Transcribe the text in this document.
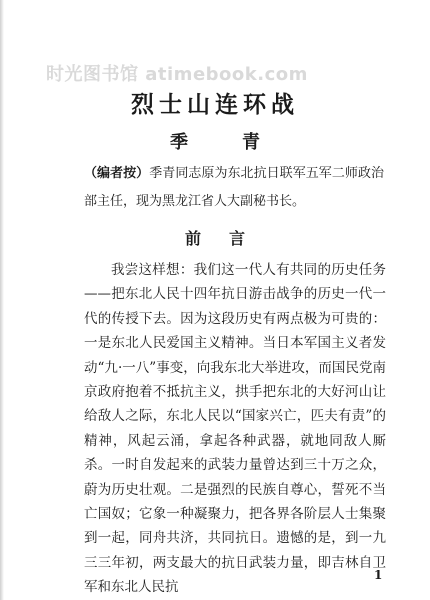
时光图书馆 atimebook.com
烈士山连环战
季　青
（编者按）季青同志原为东北抗日联军五军二师政治部主任，现为黑龙江省人大副秘书长。
前言
我尝这样想：我们这一代人有共同的历史任务——把东北人民十四年抗日游击战争的历史一代一代的传授下去。因为这段历史有两点极为可贵的：一是东北人民爱国主义精神。当日本军国主义者发动“九·一八”事变，向我东北大举进攻，而国民党南京政府抱着不抵抗主义，拱手把东北的大好河山让给敌人之际，东北人民以“国家兴亡，匹夫有责”的精神，风起云涌，拿起各种武器，就地同敌人厮杀。一时自发起来的武装力量曾达到三十万之众，蔚为历史壮观。二是强烈的民族自尊心，誓死不当亡国奴；它象一种凝聚力，把各界各阶层人士集聚到一起，同舟共济，共同抗日。遗憾的是，到一九三三年初，两支最大的抗日武装力量，即吉林自卫军和东北人民抗
1
